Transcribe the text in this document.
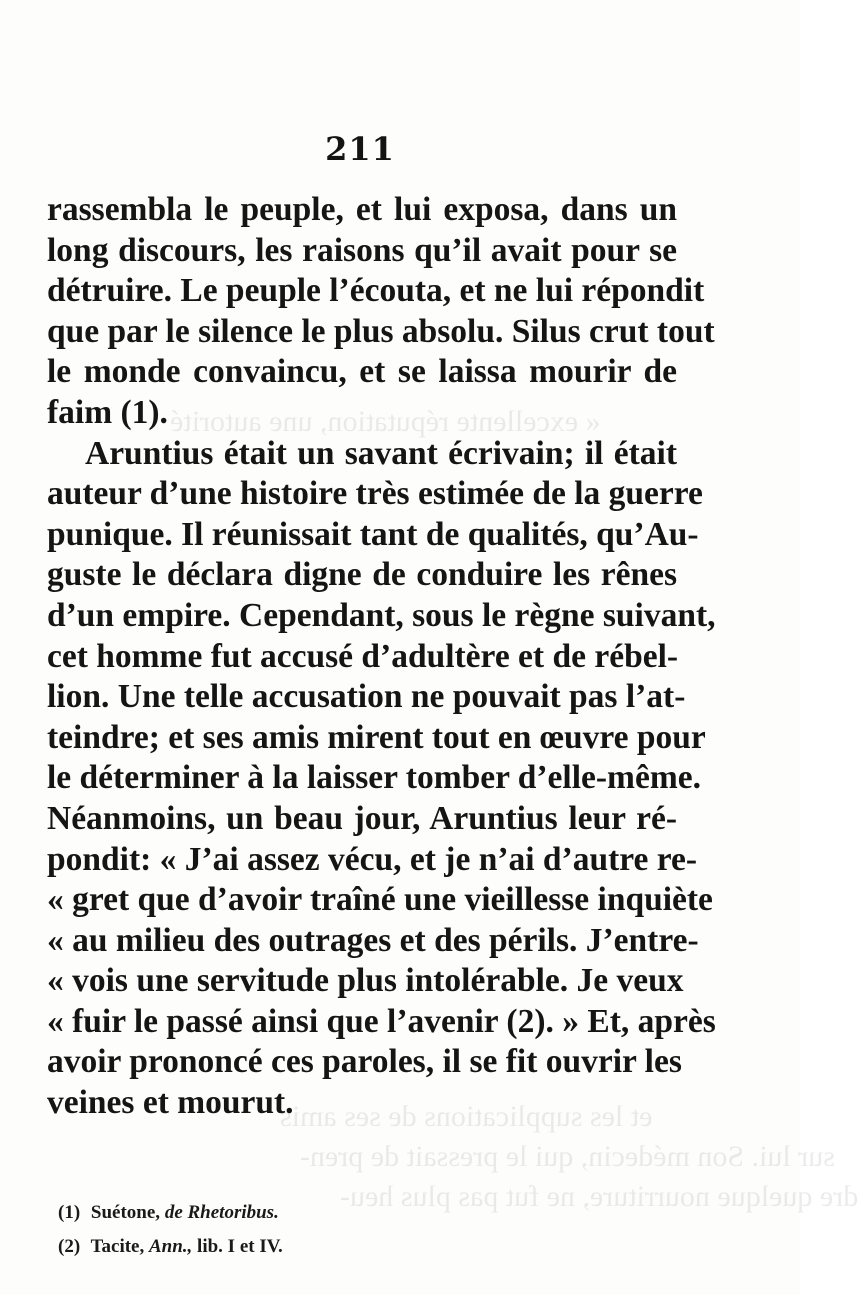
« excellente réputation, une autorité
et les supplications de ses amis
sur lui. Son médecin, qui le pressait de pren-
dre quelque nourriture, ne fut pas plus heu-
211
rassembla le peuple, et lui exposa, dans un
long discours, les raisons qu’il avait pour se
détruire. Le peuple l’écouta, et ne lui répondit
que par le silence le plus absolu. Silus crut tout
le monde convaincu, et se laissa mourir de
faim (1).
Aruntius était un savant écrivain; il était
auteur d’une histoire très estimée de la guerre
punique. Il réunissait tant de qualités, qu’Au-
guste le déclara digne de conduire les rênes
d’un empire. Cependant, sous le règne suivant,
cet homme fut accusé d’adultère et de rébel-
lion. Une telle accusation ne pouvait pas l’at-
teindre; et ses amis mirent tout en œuvre pour
le déterminer à la laisser tomber d’elle-même.
Néanmoins, un beau jour, Aruntius leur ré-
pondit: « J’ai assez vécu, et je n’ai d’autre re-
« gret que d’avoir traîné une vieillesse inquiète
« au milieu des outrages et des périls. J’entre-
« vois une servitude plus intolérable. Je veux
« fuir le passé ainsi que l’avenir (2). » Et, après
avoir prononcé ces paroles, il se fit ouvrir les
veines et mourut.
(1) Suétone, de Rhetoribus.
(2) Tacite, Ann., lib. I et IV.
